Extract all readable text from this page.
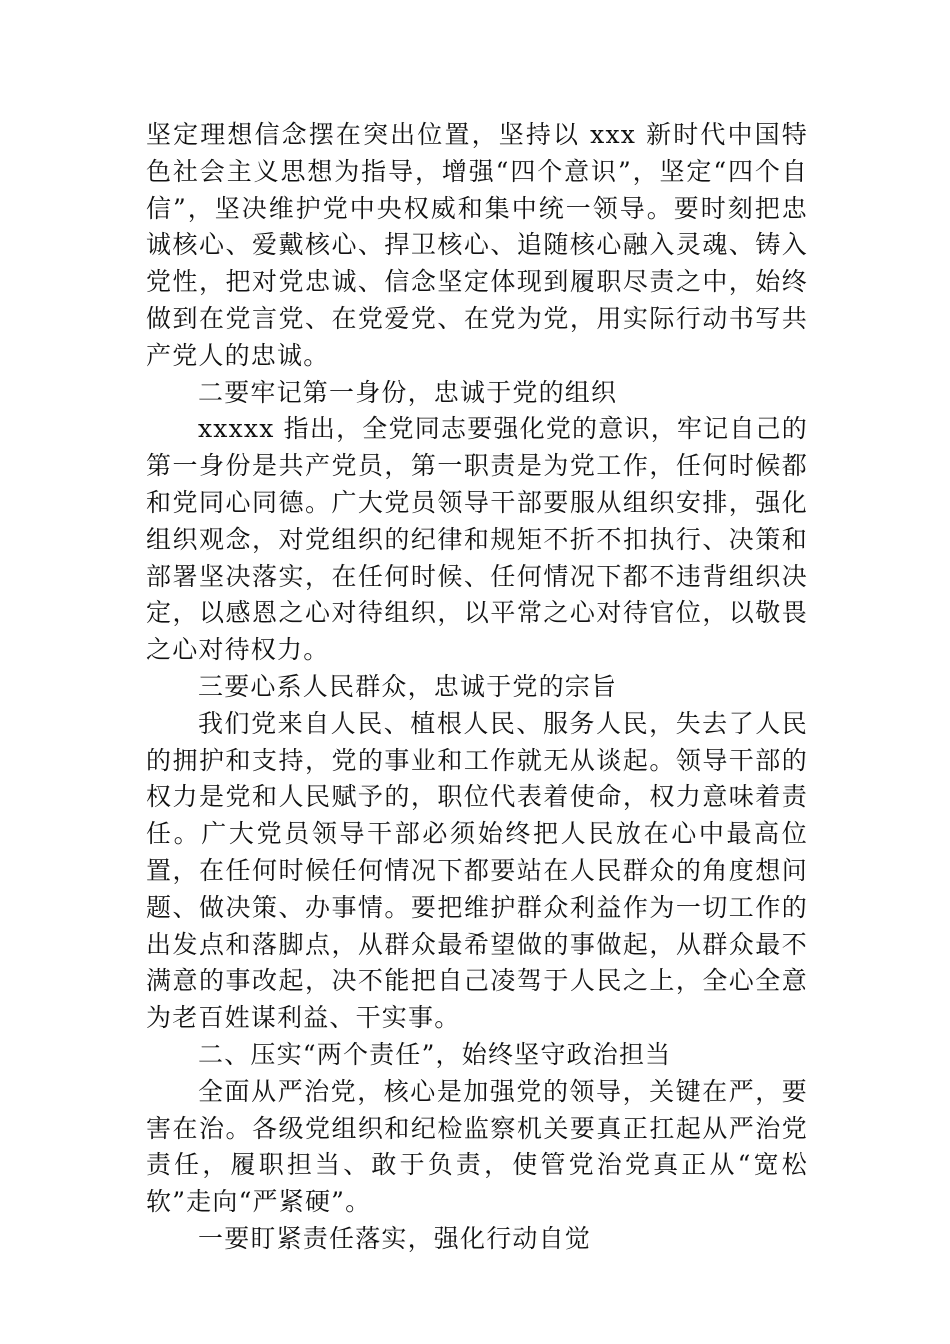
坚定理想信念摆在突出位置，坚持以 xxx 新时代中国特色社会主义思想为指导，增强“四个意识”，坚定“四个自信”，坚决维护党中央权威和集中统一领导。要时刻把忠诚核心、爱戴核心、捍卫核心、追随核心融入灵魂、铸入党性，把对党忠诚、信念坚定体现到履职尽责之中，始终做到在党言党、在党爱党、在党为党，用实际行动书写共产党人的忠诚。

二要牢记第一身份，忠诚于党的组织

xxxxx 指出，全党同志要强化党的意识，牢记自己的第一身份是共产党员，第一职责是为党工作，任何时候都和党同心同德。广大党员领导干部要服从组织安排，强化组织观念，对党组织的纪律和规矩不折不扣执行、决策和部署坚决落实，在任何时候、任何情况下都不违背组织决定，以感恩之心对待组织，以平常之心对待官位，以敬畏之心对待权力。

三要心系人民群众，忠诚于党的宗旨

我们党来自人民、植根人民、服务人民，失去了人民的拥护和支持，党的事业和工作就无从谈起。领导干部的权力是党和人民赋予的，职位代表着使命，权力意味着责任。广大党员领导干部必须始终把人民放在心中最高位置，在任何时候任何情况下都要站在人民群众的角度想问题、做决策、办事情。要把维护群众利益作为一切工作的出发点和落脚点，从群众最希望做的事做起，从群众最不满意的事改起，决不能把自己凌驾于人民之上，全心全意为老百姓谋利益、干实事。

二、压实“两个责任”，始终坚守政治担当

全面从严治党，核心是加强党的领导，关键在严，要害在治。各级党组织和纪检监察机关要真正扛起从严治党责任，履职担当、敢于负责，使管党治党真正从“宽松软”走向“严紧硬”。

一要盯紧责任落实，强化行动自觉
